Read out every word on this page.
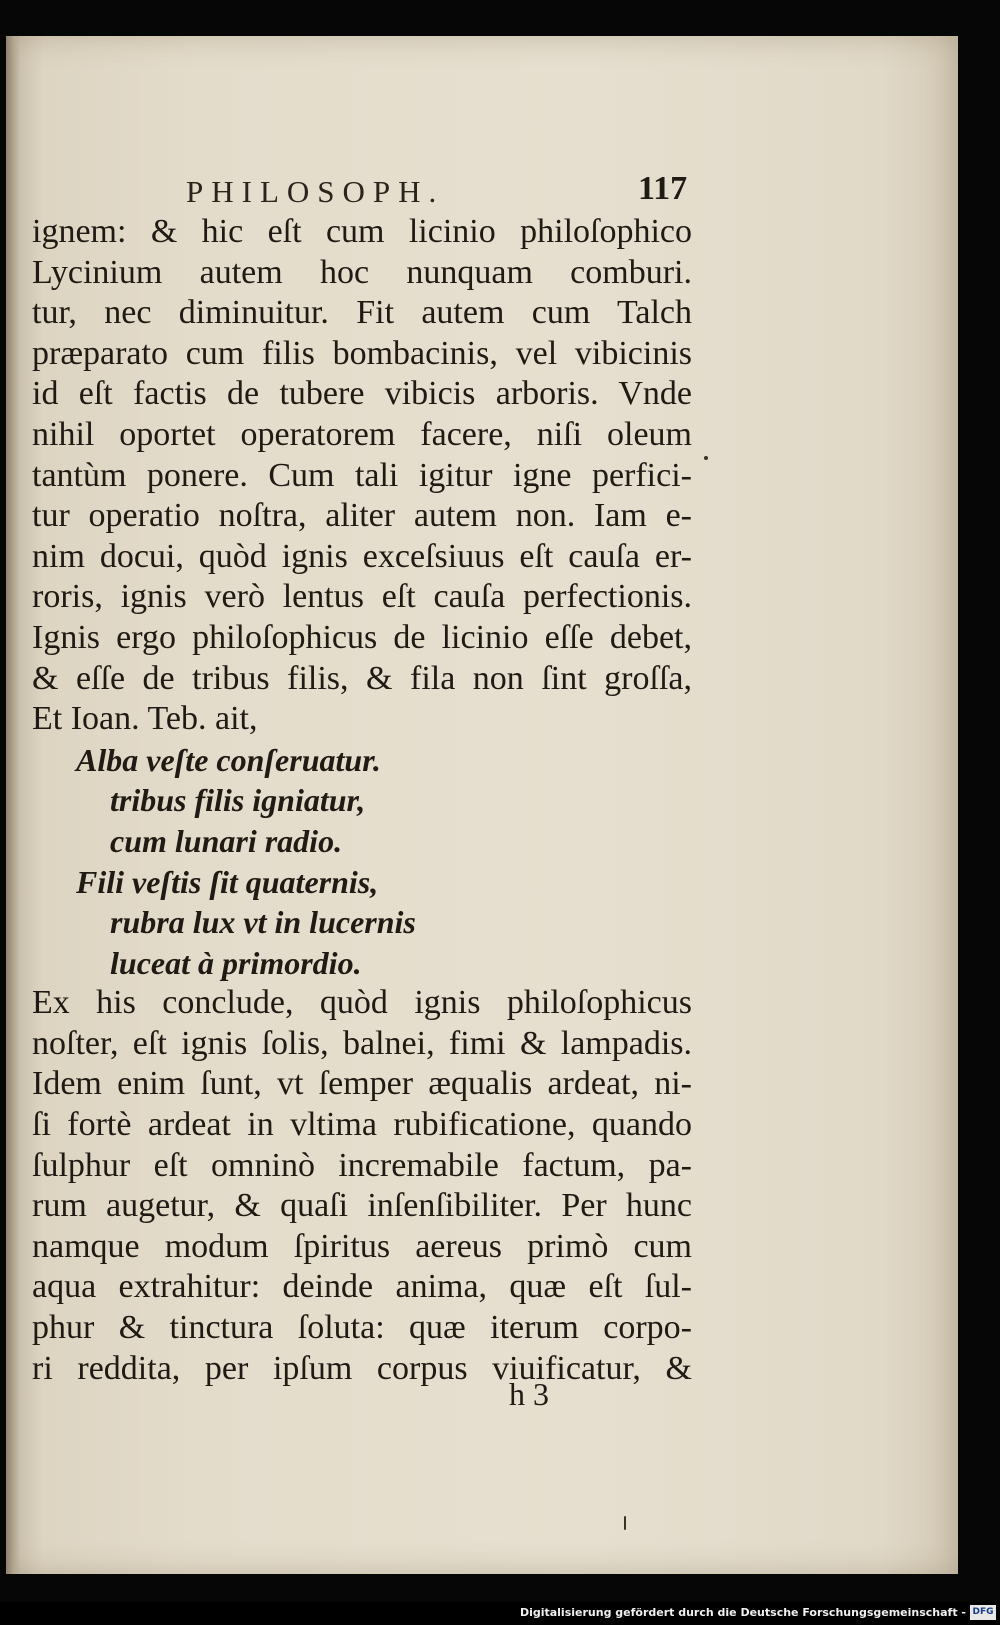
PHILOSOPH.	117
ignem: & hic eſt cum licinio philoſophico
Lycinium autem hoc nunquam comburi.
tur, nec diminuitur. Fit autem cum Talch
præparato cum filis bombacinis, vel vibicinis
id eſt factis de tubere vibicis arboris. Vnde
nihil oportet operatorem facere, niſi oleum
tantùm ponere. Cum tali igitur igne perfici-
tur operatio noſtra, aliter autem non. Iam e-
nim docui, quòd ignis exceſsiuus eſt cauſa er-
roris, ignis verò lentus eſt cauſa perfectionis.
Ignis ergo philoſophicus de licinio eſſe debet,
& eſſe de tribus filis, & fila non ſint groſſa,
Et Ioan. Teb. ait,
Alba veſte conſeruatur.
tribus filis igniatur,
cum lunari radio.
Fili veſtis ſit quaternis,
rubra lux vt in lucernis
luceat à primordio.
Ex his conclude, quòd ignis philoſophicus
noſter, eſt ignis ſolis, balnei, fimi & lampadis.
Idem enim ſunt, vt ſemper æqualis ardeat, ni-
ſi fortè ardeat in vltima rubificatione, quando
ſulphur eſt omninò incremabile factum, pa-
rum augetur, & quaſi inſenſibiliter. Per hunc
namque modum ſpiritus aereus primò cum
aqua extrahitur: deinde anima, quæ eſt ſul-
phur & tinctura ſoluta: quæ iterum corpo-
ri reddita, per ipſum corpus viuificatur, &
h 3
Digitalisierung gefördert durch die Deutsche Forschungsgemeinschaft - DFG
